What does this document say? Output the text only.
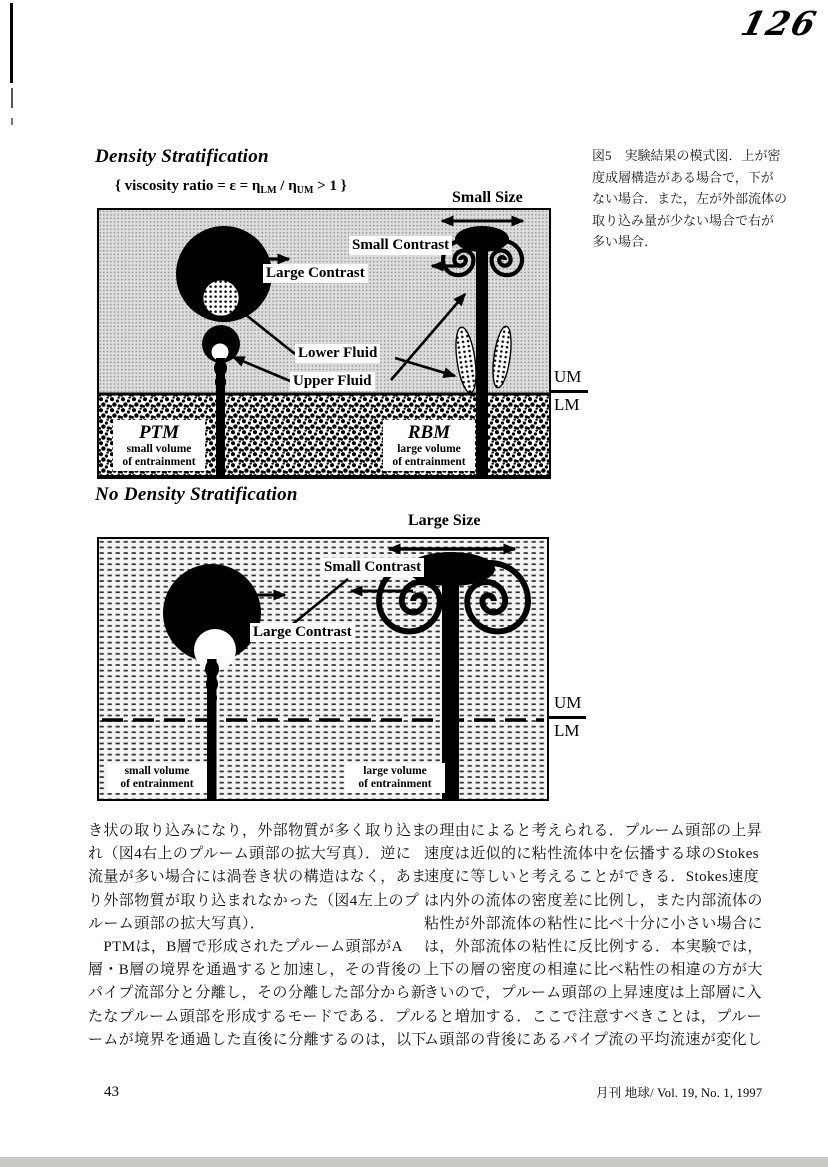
126
Density Stratification
{ viscosity ratio = $\varepsilon = \eta_{LM} / \eta_{UM} > 1$ }
Small Size
図5　実験結果の模式図．上が密
度成層構造がある場合で，下が
ない場合．また，左が外部流体の
取り込み量が少ない場合で右が
多い場合．
Small Contrast
Large Contrast
Lower Fluid
Upper Fluid
PTM
small volume
of entrainment
RBM
large volume
of entrainment
UM
LM
No Density Stratification
Large Size
Small Contrast
Large Contrast
small volume
of entrainment
large volume
of entrainment
UM
LM
き状の取り込みになり，外部物質が多く取り込ま
れ（図4右上のプルーム頭部の拡大写真）．逆に
流量が多い場合には渦巻き状の構造はなく，あま
り外部物質が取り込まれなかった（図4左上のプ
ルーム頭部の拡大写真）．
　PTMは，B層で形成されたプルーム頭部がA
層・B層の境界を通過すると加速し，その背後の
パイプ流部分と分離し，その分離した部分から新
たなプルーム頭部を形成するモードである．プル
ームが境界を通過した直後に分離するのは，以下
の理由によると考えられる．プルーム頭部の上昇
速度は近似的に粘性流体中を伝播する球のStokes
速度に等しいと考えることができる．Stokes速度
は内外の流体の密度差に比例し，また内部流体の
粘性が外部流体の粘性に比べ十分に小さい場合に
は，外部流体の粘性に反比例する．本実験では，
上下の層の密度の相違に比べ粘性の相違の方が大
きいので，プルーム頭部の上昇速度は上部層に入
ると増加する．ここで注意すべきことは，プルー
ム頭部の背後にあるパイプ流の平均流速が変化し
43	月刊 地球/ Vol. 19, No. 1, 1997
